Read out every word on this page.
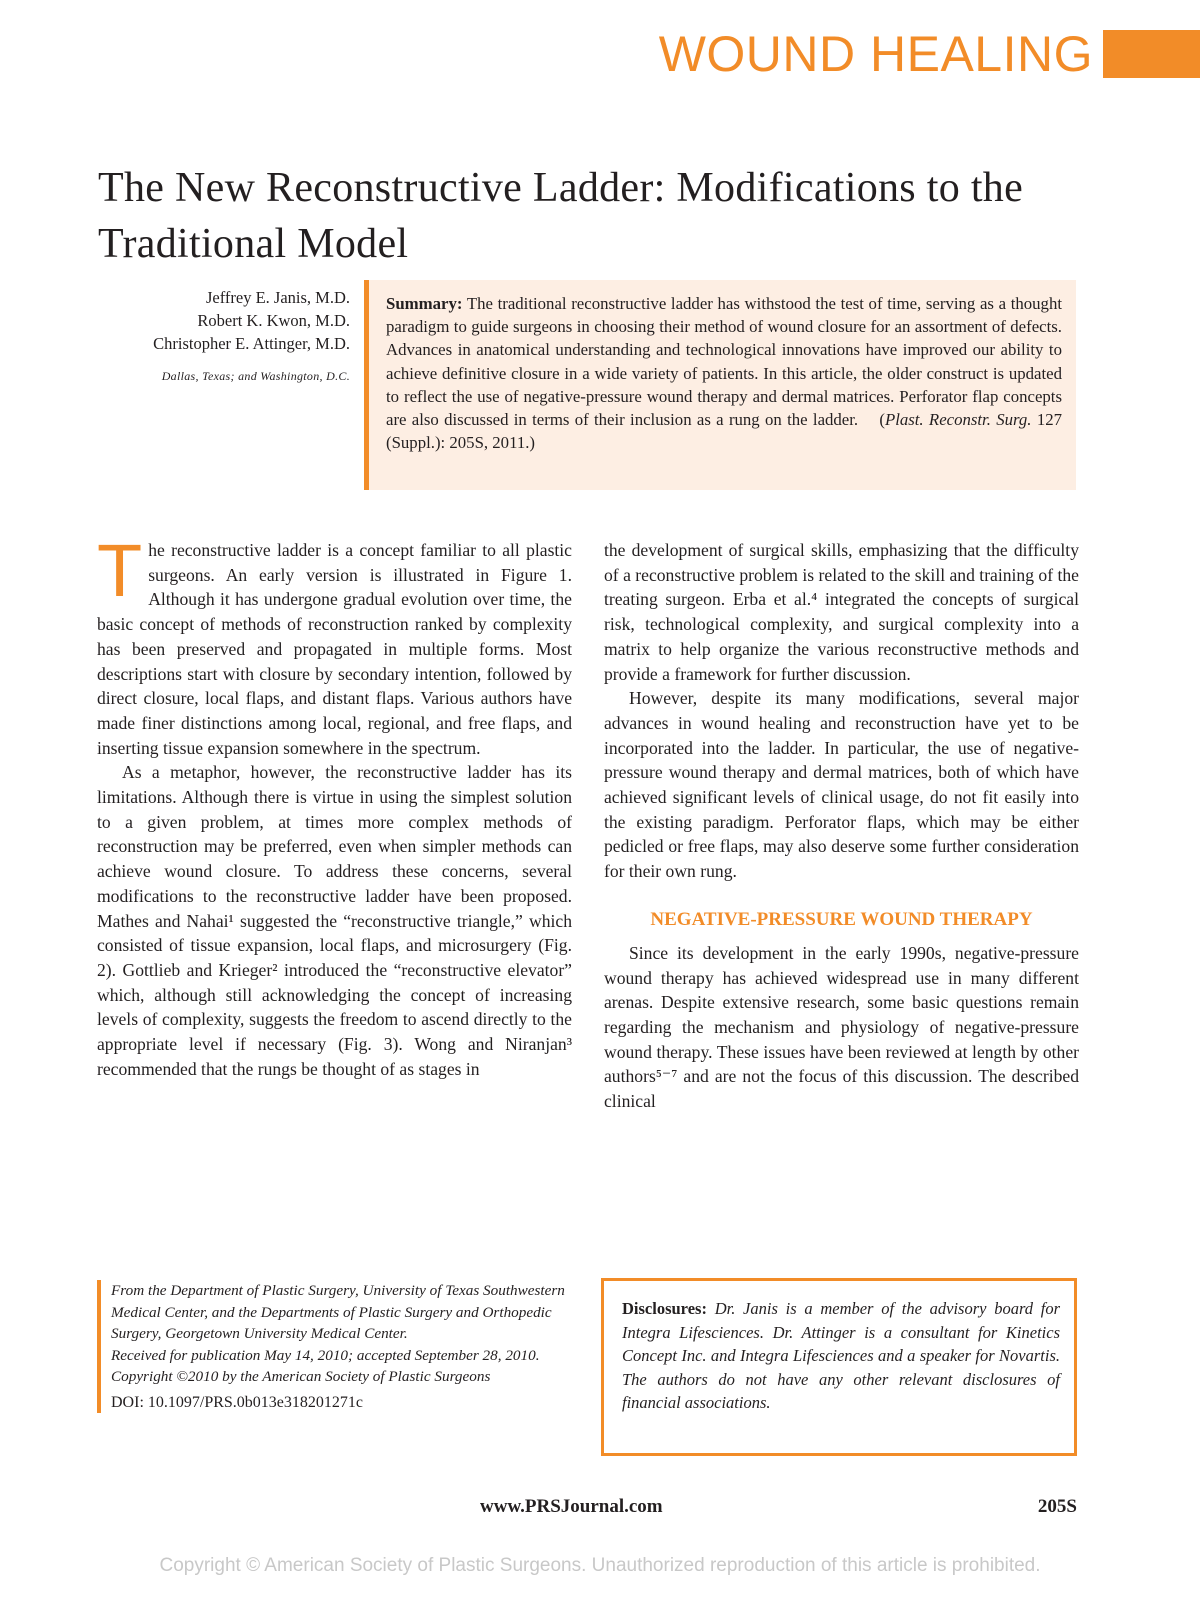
WOUND HEALING
The New Reconstructive Ladder: Modifications to the Traditional Model
Jeffrey E. Janis, M.D.
Robert K. Kwon, M.D.
Christopher E. Attinger, M.D.
Dallas, Texas; and Washington, D.C.
Summary: The traditional reconstructive ladder has withstood the test of time, serving as a thought paradigm to guide surgeons in choosing their method of wound closure for an assortment of defects. Advances in anatomical understanding and technological innovations have improved our ability to achieve definitive closure in a wide variety of patients. In this article, the older construct is updated to reflect the use of negative-pressure wound therapy and dermal matrices. Perforator flap concepts are also discussed in terms of their inclusion as a rung on the ladder. (Plast. Reconstr. Surg. 127 (Suppl.): 205S, 2011.)

The reconstructive ladder is a concept familiar to all plastic surgeons. An early version is illustrated in Figure 1. Although it has undergone gradual evolution over time, the basic concept of methods of reconstruction ranked by complexity has been preserved and propagated in multiple forms. Most descriptions start with closure by secondary intention, followed by direct closure, local flaps, and distant flaps. Various authors have made finer distinctions among local, regional, and free flaps, and inserting tissue expansion somewhere in the spectrum.

As a metaphor, however, the reconstructive ladder has its limitations. Although there is virtue in using the simplest solution to a given problem, at times more complex methods of reconstruction may be preferred, even when simpler methods can achieve wound closure. To address these concerns, several modifications to the reconstructive ladder have been proposed. Mathes and Nahai¹ suggested the “reconstructive triangle,” which consisted of tissue expansion, local flaps, and microsurgery (Fig. 2). Gottlieb and Krieger² introduced the “reconstructive elevator” which, although still acknowledging the concept of increasing levels of complexity, suggests the freedom to ascend directly to the appropriate level if necessary (Fig. 3). Wong and Niranjan³ recommended that the rungs be thought of as stages in

the development of surgical skills, emphasizing that the difficulty of a reconstructive problem is related to the skill and training of the treating surgeon. Erba et al.⁴ integrated the concepts of surgical risk, technological complexity, and surgical complexity into a matrix to help organize the various reconstructive methods and provide a framework for further discussion.

However, despite its many modifications, several major advances in wound healing and reconstruction have yet to be incorporated into the ladder. In particular, the use of negative-pressure wound therapy and dermal matrices, both of which have achieved significant levels of clinical usage, do not fit easily into the existing paradigm. Perforator flaps, which may be either pedicled or free flaps, may also deserve some further consideration for their own rung.

NEGATIVE-PRESSURE WOUND THERAPY

Since its development in the early 1990s, negative-pressure wound therapy has achieved widespread use in many different arenas. Despite extensive research, some basic questions remain regarding the mechanism and physiology of negative-pressure wound therapy. These issues have been reviewed at length by other authors⁵⁻⁷ and are not the focus of this discussion. The described clinical

From the Department of Plastic Surgery, University of Texas Southwestern Medical Center, and the Departments of Plastic Surgery and Orthopedic Surgery, Georgetown University Medical Center.

Received for publication May 14, 2010; accepted September 28, 2010.

Copyright ©2010 by the American Society of Plastic Surgeons

DOI: 10.1097/PRS.0b013e318201271c

Disclosures: Dr. Janis is a member of the advisory board for Integra Lifesciences. Dr. Attinger is a consultant for Kinetics Concept Inc. and Integra Lifesciences and a speaker for Novartis. The authors do not have any other relevant disclosures of financial associations.
www.PRSJournal.com	205S
Copyright © American Society of Plastic Surgeons. Unauthorized reproduction of this article is prohibited.
